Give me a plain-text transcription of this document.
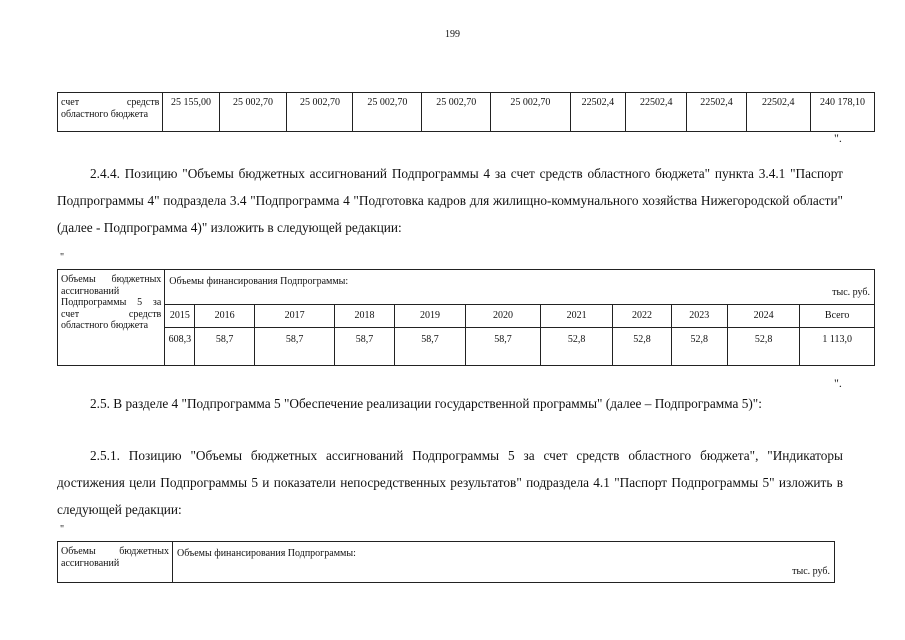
199
счет средств
областного бюджета
	25 155,00	25 002,70	25 002,70	25 002,70	25 002,70	25 002,70	22502,4	22502,4	22502,4	22502,4	240 178,10
".
2.4.4. Позицию "Объемы бюджетных ассигнований Подпрограммы 4 за счет средств областного бюджета" пункта 3.4.1 "Паспорт Подпрограммы 4" подраздела 3.4 "Подпрограмма 4 "Подготовка кадров для жилищно-коммунального хозяйства Нижегородской области" (далее - Подпрограмма 4)" изложить в следующей редакции:
"
Объемы бюджетных
ассигнований
Подпрограммы 5 за
счет средств
областного бюджета	Объемы финансирования Подпрограммы:
тыс. руб.										

	2015	2016	2017	2018	2019	2020	2021	2022	2023	2024	Всего
	608,3	58,7	58,7	58,7	58,7	58,7	52,8	52,8	52,8	52,8	1 113,0
".
2.5. В разделе 4 "Подпрограмма 5 "Обеспечение реализации государственной программы" (далее – Подпрограмма 5)":
2.5.1. Позицию "Объемы бюджетных ассигнований Подпрограммы 5 за счет средств областного бюджета", "Индикаторы достижения цели Подпрограммы 5 и показатели непосредственных результатов" подраздела 4.1 "Паспорт Подпрограммы 5" изложить в следующей редакции:
"
Объемы бюджетных
ассигнований	Объемы финансирования Подпрограммы:
тыс. руб.
